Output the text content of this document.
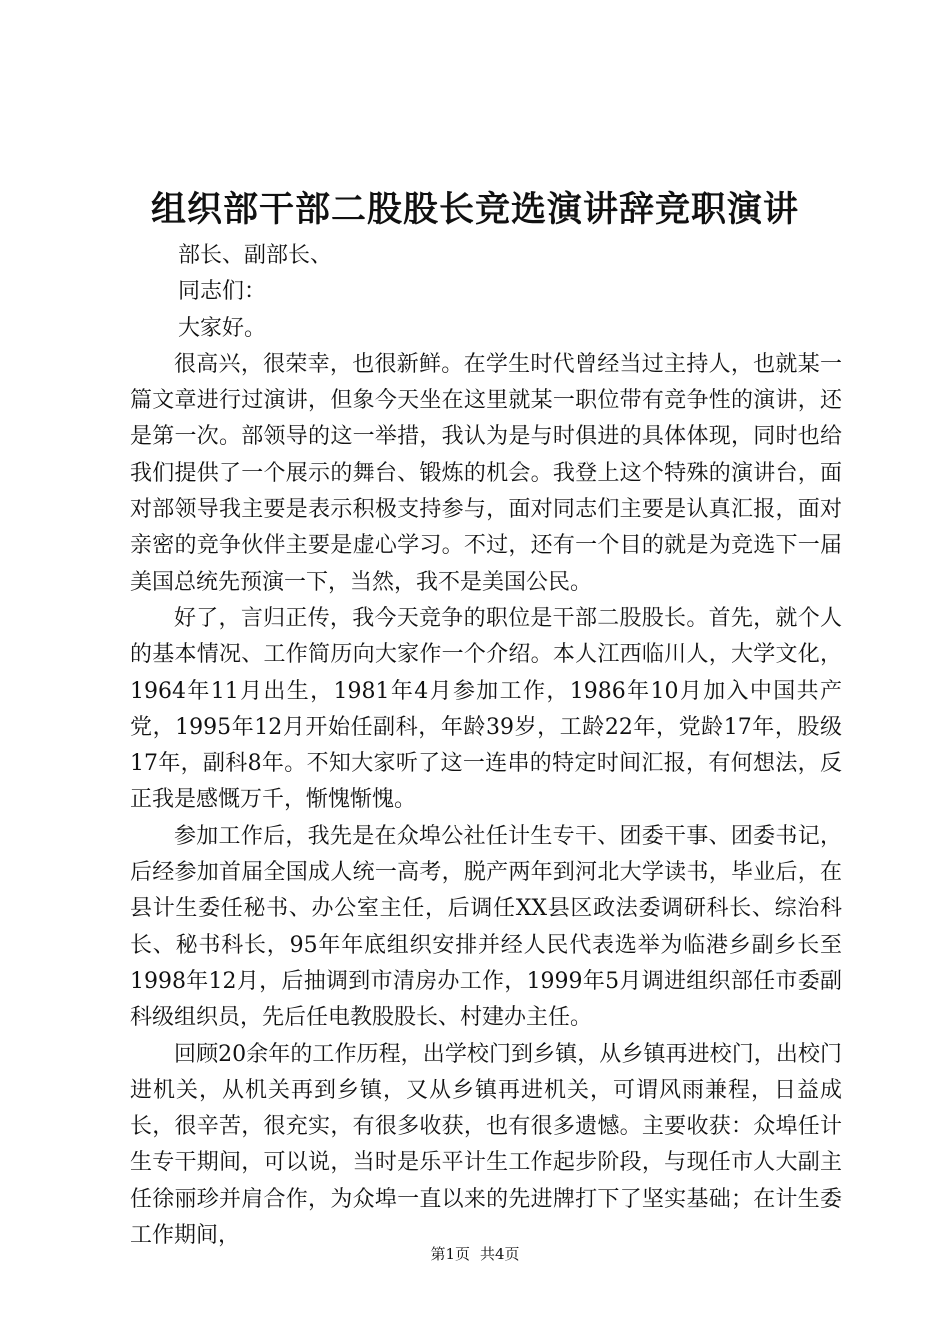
组织部干部二股股长竞选演讲辞竞职演讲

部长、副部长、

同志们：

大家好。

很高兴，很荣幸，也很新鲜。在学生时代曾经当过主持人，也就某一篇文章进行过演讲，但象今天坐在这里就某一职位带有竞争性的演讲，还是第一次。部领导的这一举措，我认为是与时俱进的具体体现，同时也给我们提供了一个展示的舞台、锻炼的机会。我登上这个特殊的演讲台，面对部领导我主要是表示积极支持参与，面对同志们主要是认真汇报，面对亲密的竞争伙伴主要是虚心学习。不过，还有一个目的就是为竞选下一届美国总统先预演一下，当然，我不是美国公民。

好了，言归正传，我今天竞争的职位是干部二股股长。首先，就个人的基本情况、工作简历向大家作一个介绍。本人江西临川人，大学文化，1964年11月出生，1981年4月参加工作，1986年10月加入中国共产党，1995年12月开始任副科，年龄39岁，工龄22年，党龄17年，股级17年，副科8年。不知大家听了这一连串的特定时间汇报，有何想法，反正我是感慨万千，惭愧惭愧。

参加工作后，我先是在众埠公社任计生专干、团委干事、团委书记，后经参加首届全国成人统一高考，脱产两年到河北大学读书，毕业后，在县计生委任秘书、办公室主任，后调任XX县区政法委调研科长、综治科长、秘书科长，95年年底组织安排并经人民代表选举为临港乡副乡长至1998年12月，后抽调到市清房办工作，1999年5月调进组织部任市委副科级组织员，先后任电教股股长、村建办主任。

回顾20余年的工作历程，出学校门到乡镇，从乡镇再进校门，出校门进机关，从机关再到乡镇，又从乡镇再进机关，可谓风雨兼程，日益成长，很辛苦，很充实，有很多收获，也有很多遗憾。主要收获：众埠任计生专干期间，可以说，当时是乐平计生工作起步阶段，与现任市人大副主任徐丽珍并肩合作，为众埠一直以来的先进牌打下了坚实基础；在计生委工作期间，

第1页 共4页
